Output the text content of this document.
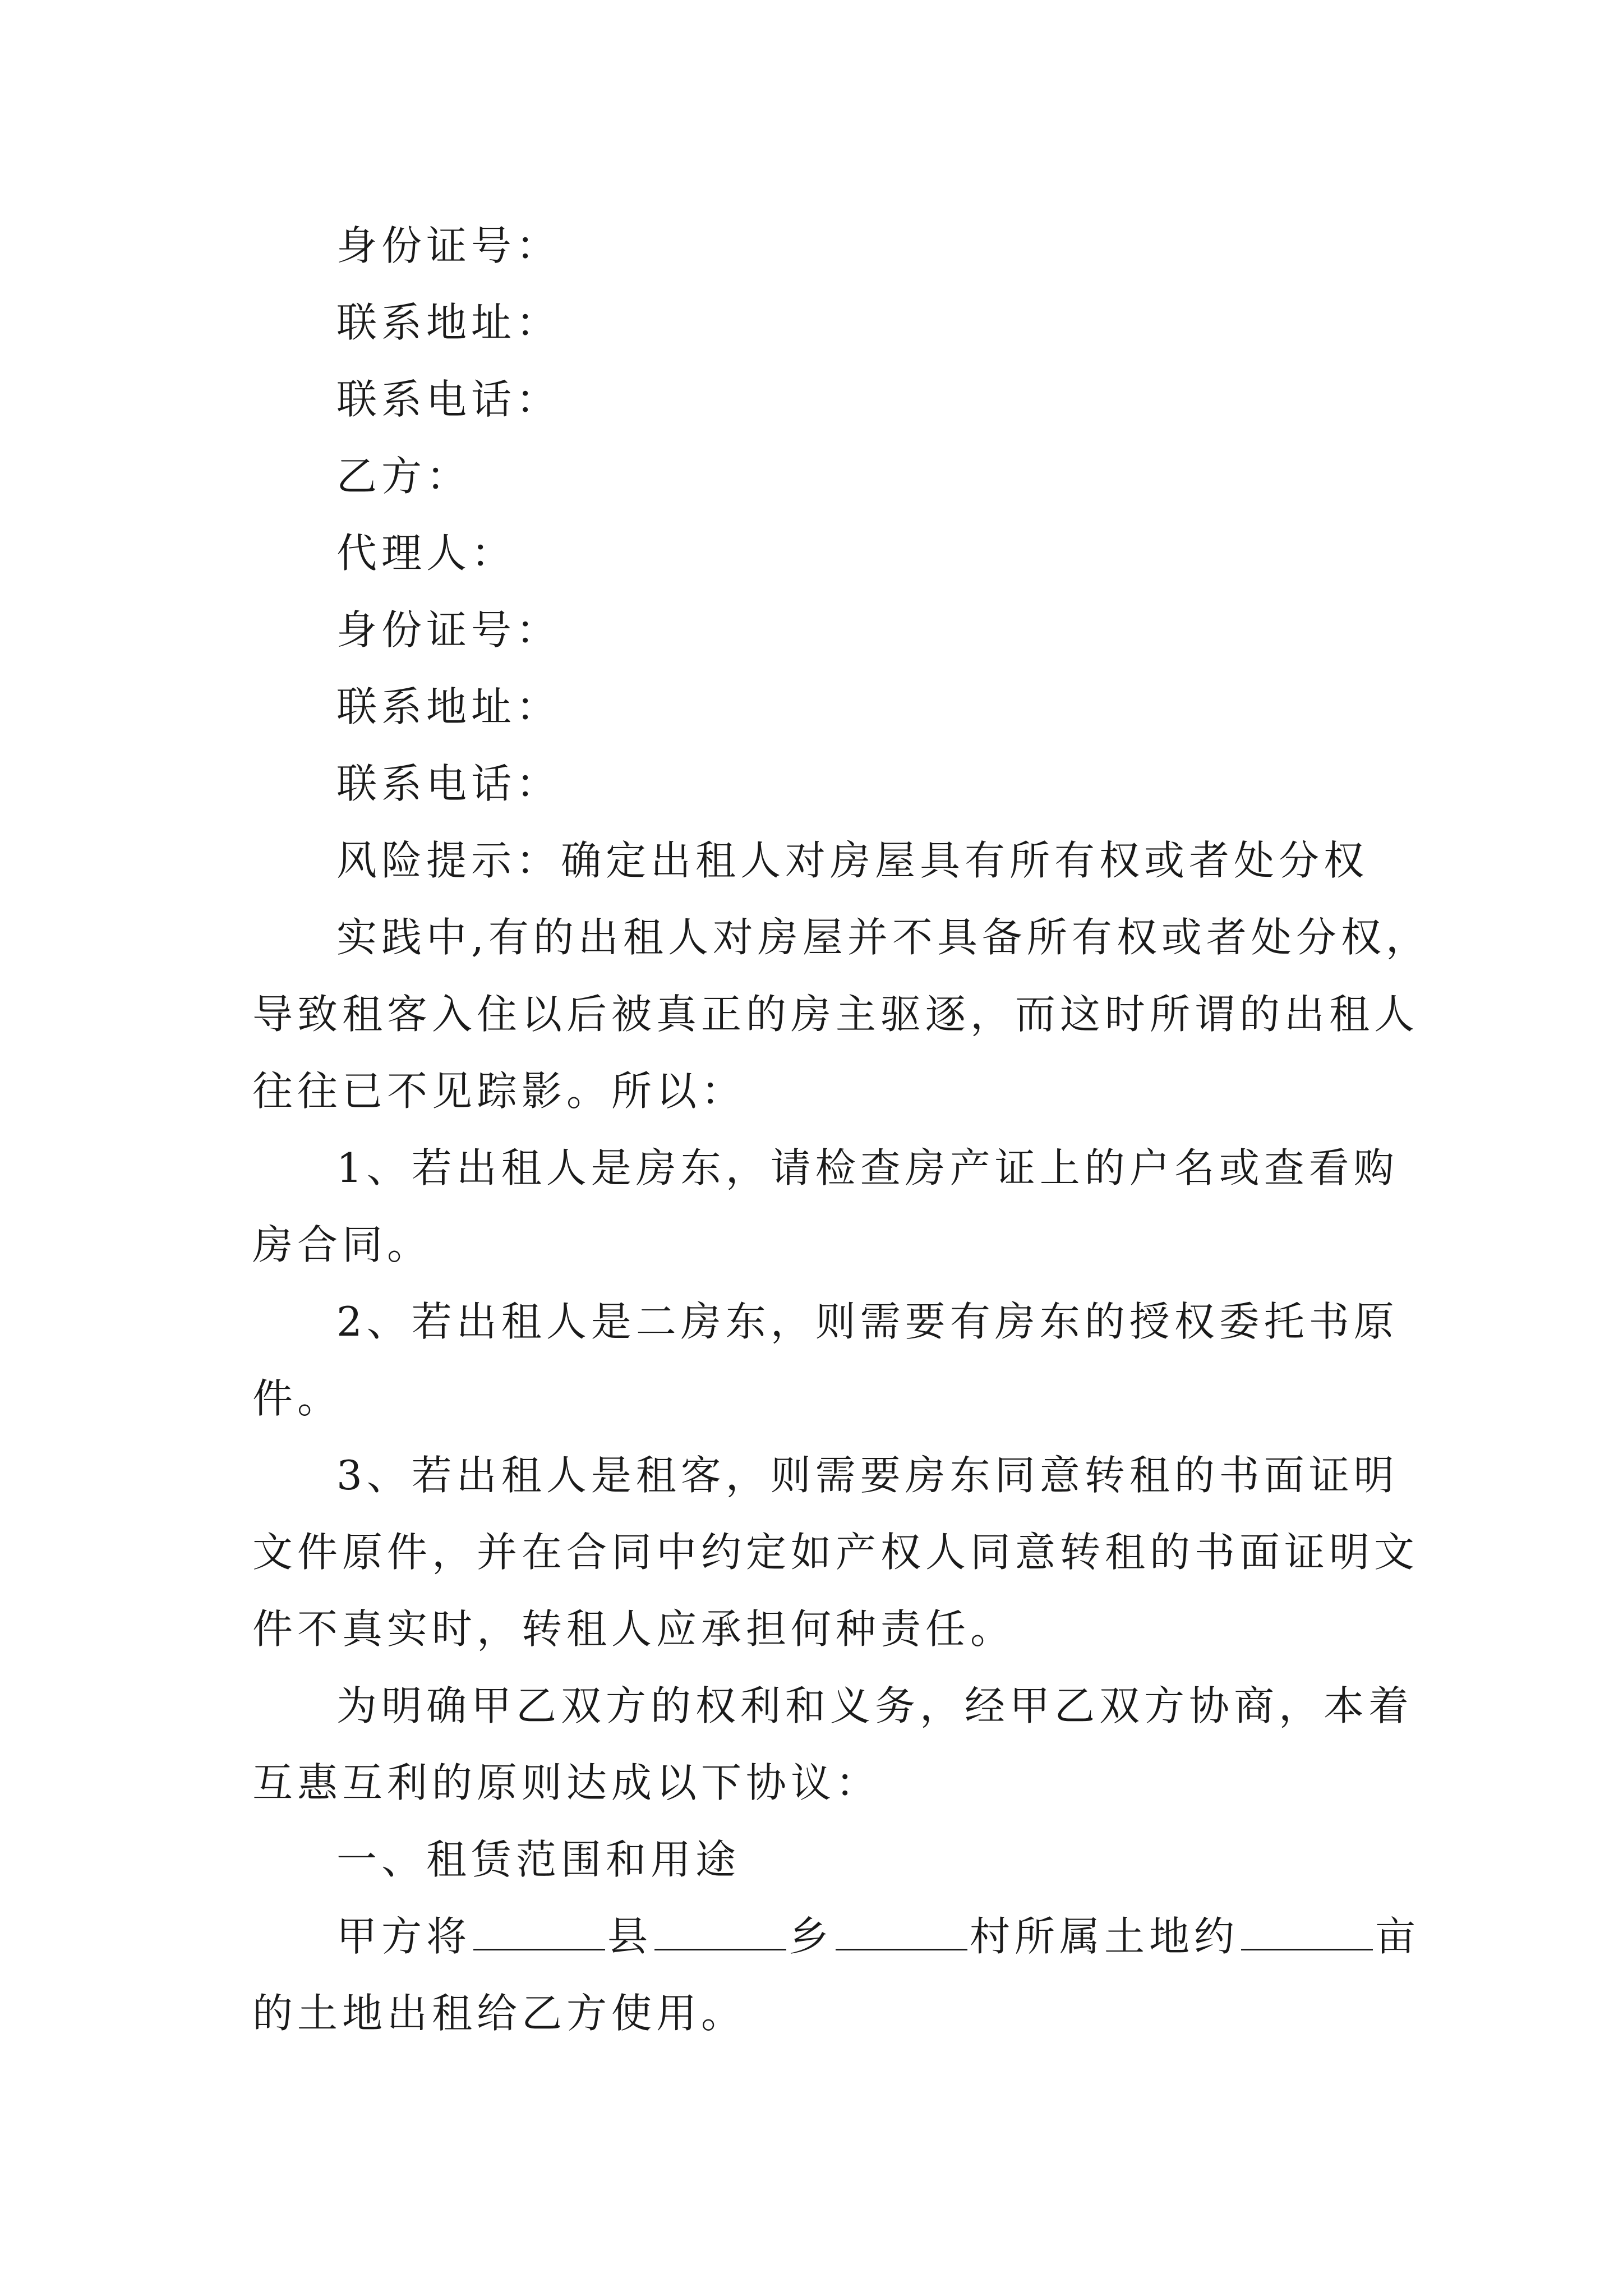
身份证号：
联系地址：
联系电话：
乙方：
代理人：
身份证号：
联系地址：
联系电话：
风险提示：确定出租人对房屋具有所有权或者处分权
实践中,有的出租人对房屋并不具备所有权或者处分权，
导致租客入住以后被真正的房主驱逐，而这时所谓的出租人
往往已不见踪影。所以：
1、若出租人是房东，请检查房产证上的户名或查看购
房合同。
2、若出租人是二房东，则需要有房东的授权委托书原
件。
3、若出租人是租客，则需要房东同意转租的书面证明
文件原件，并在合同中约定如产权人同意转租的书面证明文
件不真实时，转租人应承担何种责任。
为明确甲乙双方的权利和义务，经甲乙双方协商，本着
互惠互利的原则达成以下协议：
一、租赁范围和用途
甲方将	县	乡	村所属土地约	亩
的土地出租给乙方使用。
